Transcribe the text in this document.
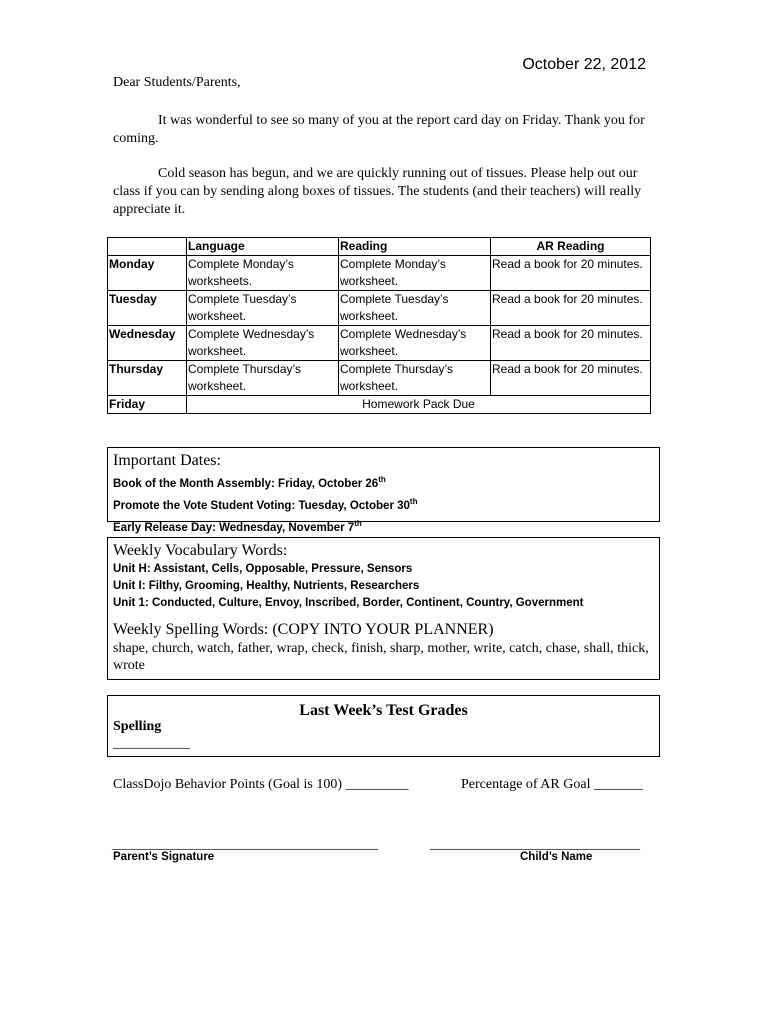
October 22, 2012
Dear Students/Parents,
It was wonderful to see so many of you at the report card day on Friday. Thank you for coming.
Cold season has begun, and we are quickly running out of tissues. Please help out our class if you can by sending along boxes of tissues. The students (and their teachers) will really appreciate it.
	Language	Reading	AR Reading
Monday	Complete Monday’s worksheets.	Complete Monday’s worksheet.	Read a book for 20 minutes.
Tuesday	Complete Tuesday’s worksheet.	Complete Tuesday’s worksheet.	Read a book for 20 minutes.
Wednesday	Complete Wednesday’s worksheet.	Complete Wednesday’s worksheet.	Read a book for 20 minutes.
Thursday	Complete Thursday’s worksheet.	Complete Thursday’s worksheet.	Read a book for 20 minutes.
Friday	Homework Pack Due		
Important Dates:
Book of the Month Assembly: Friday, October 26th
Promote the Vote Student Voting: Tuesday, October 30th
Early Release Day: Wednesday, November 7th
Weekly Vocabulary Words:
Unit H: Assistant, Cells, Opposable, Pressure, Sensors
Unit I: Filthy, Grooming, Healthy, Nutrients, Researchers
Unit 1: Conducted, Culture, Envoy, Inscribed, Border, Continent, Country, Government
Weekly Spelling Words: (COPY INTO YOUR PLANNER)
shape, church, watch, father, wrap, check, finish, sharp, mother, write, catch, chase, shall, thick, wrote
Last Week’s Test Grades
Spelling
___________
ClassDojo Behavior Points (Goal is 100) _________	Percentage of AR Goal _______
______________________________________	______________________________
Parent’s Signature	Child’s Name
